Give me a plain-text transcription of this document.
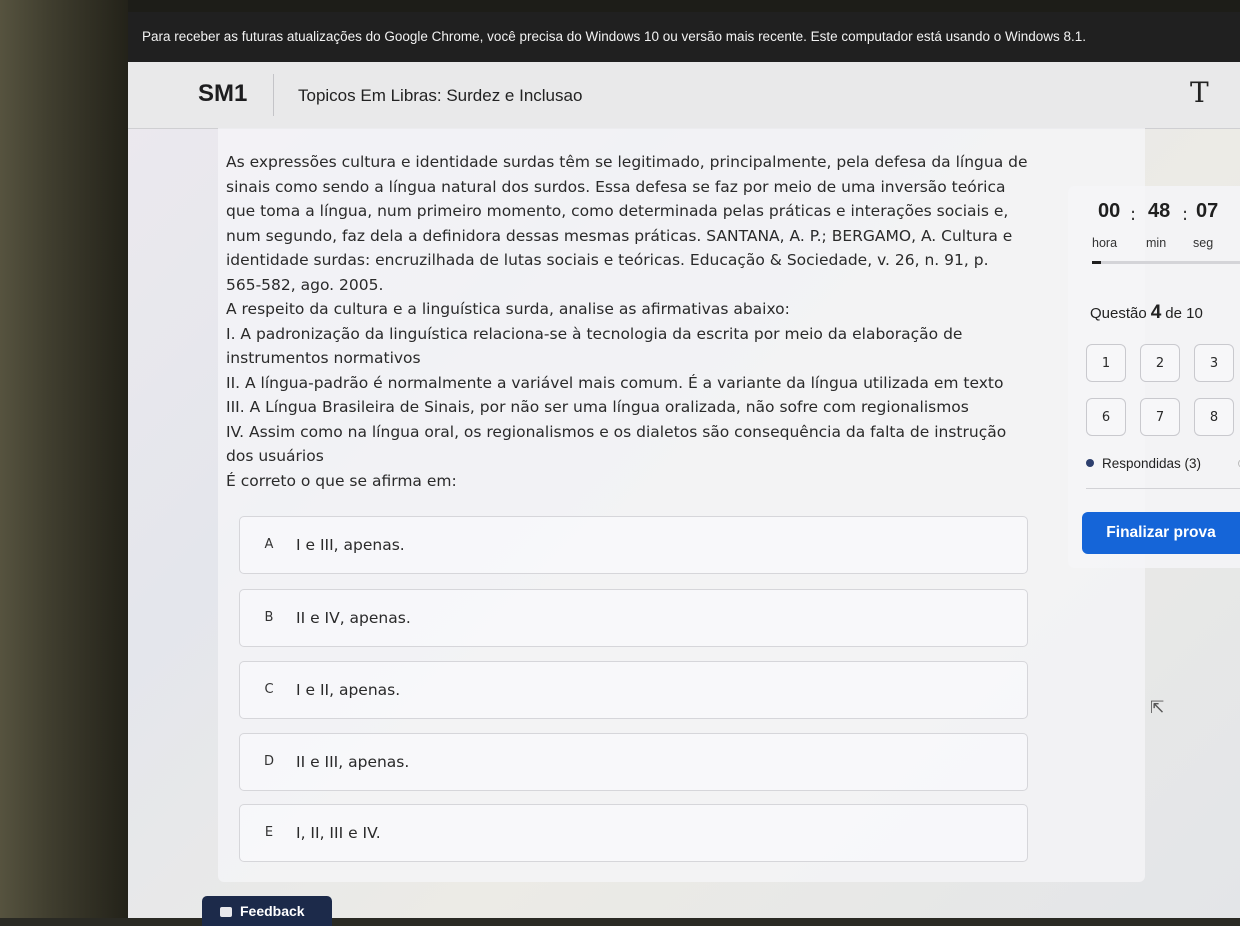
Para receber as futuras atualizações do Google Chrome, você precisa do Windows 10 ou versão mais recente. Este computador está usando o Windows 8.1.
SM1	Topicos Em Libras: Surdez e Inclusao	T
As expressões cultura e identidade surdas têm se legitimado, principalmente, pela defesa da língua de
sinais como sendo a língua natural dos surdos. Essa defesa se faz por meio de uma inversão teórica
que toma a língua, num primeiro momento, como determinada pelas práticas e interações sociais e,
num segundo, faz dela a definidora dessas mesmas práticas. SANTANA, A. P.; BERGAMO, A. Cultura e
identidade surdas: encruzilhada de lutas sociais e teóricas. Educação & Sociedade, v. 26, n. 91, p.
565-582, ago. 2005.
A respeito da cultura e a linguística surda, analise as afirmativas abaixo:
I. A padronização da linguística relaciona-se à tecnologia da escrita por meio da elaboração de
instrumentos normativos
II. A língua-padrão é normalmente a variável mais comum. É a variante da língua utilizada em texto
III. A Língua Brasileira de Sinais, por não ser uma língua oralizada, não sofre com regionalismos
IV. Assim como na língua oral, os regionalismos e os dialetos são consequência da falta de instrução
dos usuários
É correto o que se afirma em:
A	I e III, apenas.
B	II e IV, apenas.
C	I e II, apenas.
D	II e III, apenas.
E	I, II, III e IV.
00 : 48 : 07
hora min seg
Questão 4 de 10
1	2	3
6	7	8
Respondidas (3)
Finalizar prova
⇱
Feedback
